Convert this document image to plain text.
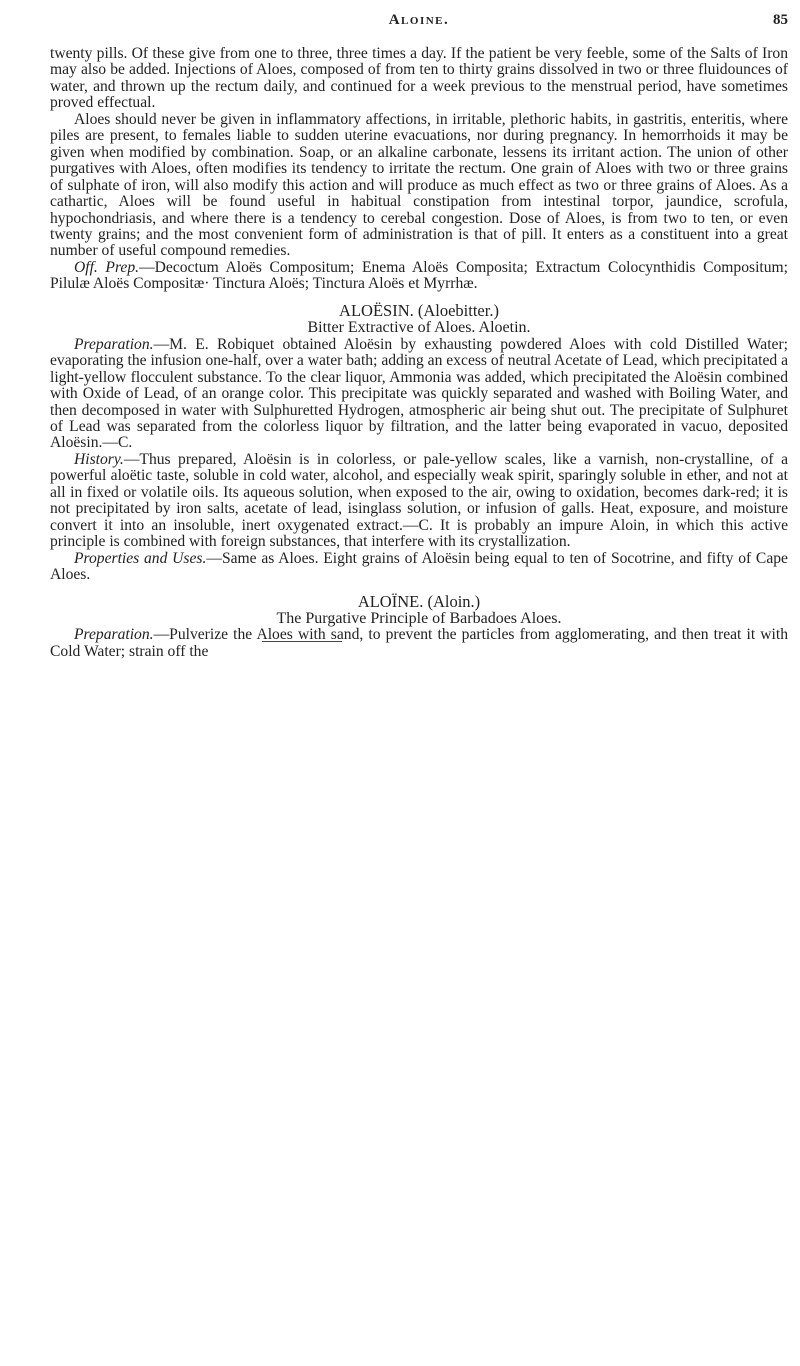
Aloine.	85

twenty pills. Of these give from one to three, three times a day. If the patient be very feeble, some of the Salts of Iron may also be added. Injections of Aloes, composed of from ten to thirty grains dissolved in two or three fluidounces of water, and thrown up the rectum daily, and continued for a week previous to the menstrual period, have sometimes proved effectual.

Aloes should never be given in inflammatory affections, in irritable, plethoric habits, in gastritis, enteritis, where piles are present, to females liable to sudden uterine evacuations, nor during pregnancy. In hemorrhoids it may be given when modified by combination. Soap, or an alkaline carbonate, lessens its irritant action. The union of other purgatives with Aloes, often modifies its tendency to irritate the rectum. One grain of Aloes with two or three grains of sulphate of iron, will also modify this action and will produce as much effect as two or three grains of Aloes. As a cathartic, Aloes will be found useful in habitual constipation from intestinal torpor, jaundice, scrofula, hypochondriasis, and where there is a tendency to cerebal congestion. Dose of Aloes, is from two to ten, or even twenty grains; and the most convenient form of administration is that of pill. It enters as a constituent into a great number of useful compound remedies.

Off. Prep.—Decoctum Aloës Compositum; Enema Aloës Composita; Extractum Colocynthidis Compositum; Pilulæ Aloës Compositæ· Tinctura Aloës; Tinctura Aloës et Myrrhæ.

ALOËSIN. (Aloebitter.)
Bitter Extractive of Aloes. Aloetin.

Preparation.—M. E. Robiquet obtained Aloësin by exhausting powdered Aloes with cold Distilled Water; evaporating the infusion one-half, over a water bath; adding an excess of neutral Acetate of Lead, which precipitated a light-yellow flocculent substance. To the clear liquor, Ammonia was added, which precipitated the Aloësin combined with Oxide of Lead, of an orange color. This precipitate was quickly separated and washed with Boiling Water, and then decomposed in water with Sulphuretted Hydrogen, atmospheric air being shut out. The precipitate of Sulphuret of Lead was separated from the colorless liquor by filtration, and the latter being evaporated in vacuo, deposited Aloësin.—C.

History.—Thus prepared, Aloësin is in colorless, or pale-yellow scales, like a varnish, non-crystalline, of a powerful aloëtic taste, soluble in cold water, alcohol, and especially weak spirit, sparingly soluble in ether, and not at all in fixed or volatile oils. Its aqueous solution, when exposed to the air, owing to oxidation, becomes dark-red; it is not precipitated by iron salts, acetate of lead, isinglass solution, or infusion of galls. Heat, exposure, and moisture convert it into an insoluble, inert oxygenated extract.—C. It is probably an impure Aloin, in which this active principle is combined with foreign substances, that interfere with its crystallization.

Properties and Uses.—Same as Aloes. Eight grains of Aloësin being equal to ten of Socotrine, and fifty of Cape Aloes.

ALOÏNE. (Aloin.)
The Purgative Principle of Barbadoes Aloes.

Preparation.—Pulverize the Aloes with sand, to prevent the particles from agglomerating, and then treat it with Cold Water; strain off the
